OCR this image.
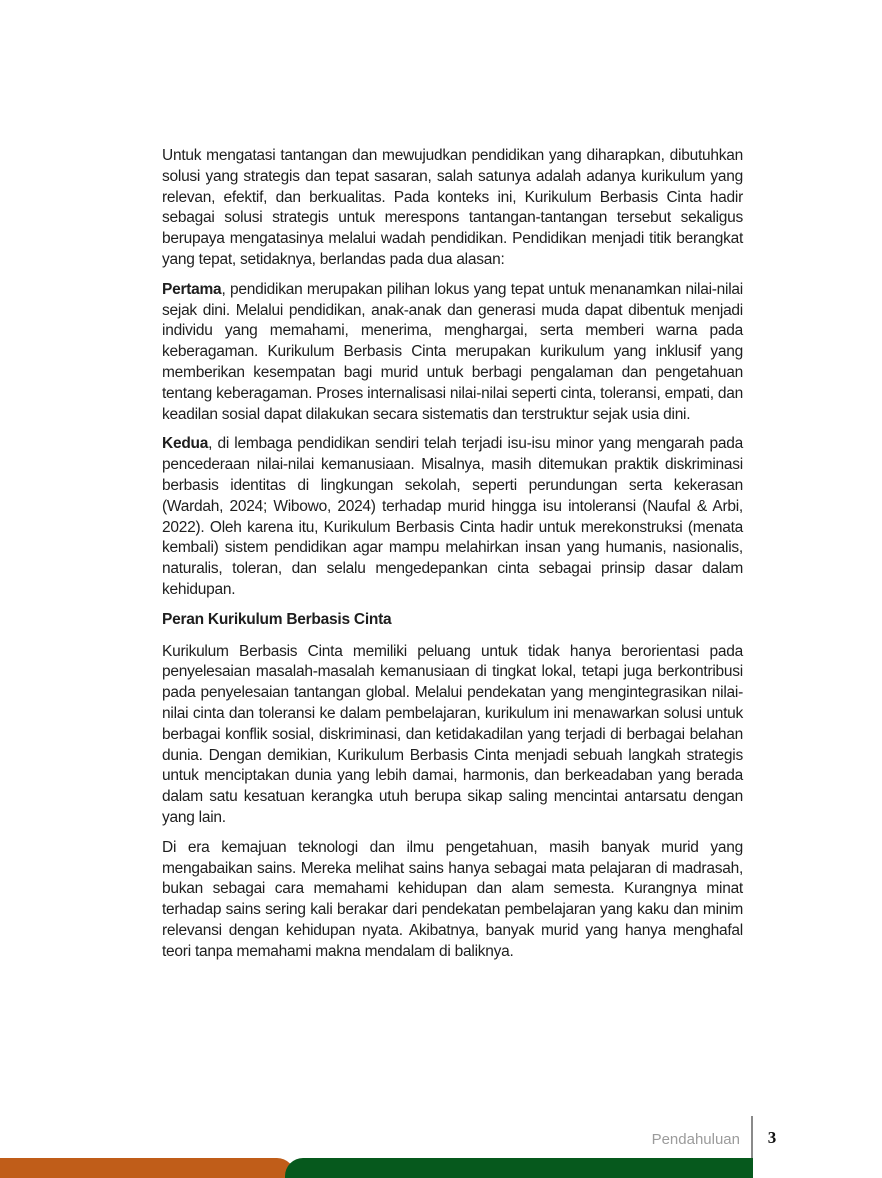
Untuk mengatasi tantangan dan mewujudkan pendidikan yang diharapkan, dibutuhkan solusi yang strategis dan tepat sasaran, salah satunya adalah adanya kurikulum yang relevan, efektif, dan berkualitas. Pada konteks ini, Kurikulum Berbasis Cinta hadir sebagai solusi strategis untuk merespons tantangan-tantangan tersebut sekaligus berupaya mengatasinya melalui wadah pendidikan. Pendidikan menjadi titik berangkat yang tepat, setidaknya, berlandas pada dua alasan:

Pertama, pendidikan merupakan pilihan lokus yang tepat untuk menanamkan nilai-nilai sejak dini. Melalui pendidikan, anak-anak dan generasi muda dapat dibentuk menjadi individu yang memahami, menerima, menghargai, serta memberi warna pada keberagaman. Kurikulum Berbasis Cinta merupakan kurikulum yang inklusif yang memberikan kesempatan bagi murid untuk berbagi pengalaman dan pengetahuan tentang keberagaman. Proses internalisasi nilai-nilai seperti cinta, toleransi, empati, dan keadilan sosial dapat dilakukan secara sistematis dan terstruktur sejak usia dini.

Kedua, di lembaga pendidikan sendiri telah terjadi isu-isu minor yang mengarah pada pencederaan nilai-nilai kemanusiaan. Misalnya, masih ditemukan praktik diskriminasi berbasis identitas di lingkungan sekolah, seperti perundungan serta kekerasan (Wardah, 2024; Wibowo, 2024) terhadap murid hingga isu intoleransi (Naufal & Arbi, 2022). Oleh karena itu, Kurikulum Berbasis Cinta hadir untuk merekonstruksi (menata kembali) sistem pendidikan agar mampu melahirkan insan yang humanis, nasionalis, naturalis, toleran, dan selalu mengedepankan cinta sebagai prinsip dasar dalam kehidupan.

Peran Kurikulum Berbasis Cinta

Kurikulum Berbasis Cinta memiliki peluang untuk tidak hanya berorientasi pada penyelesaian masalah-masalah kemanusiaan di tingkat lokal, tetapi juga berkontribusi pada penyelesaian tantangan global. Melalui pendekatan yang mengintegrasikan nilai-nilai cinta dan toleransi ke dalam pembelajaran, kurikulum ini menawarkan solusi untuk berbagai konflik sosial, diskriminasi, dan ketidakadilan yang terjadi di berbagai belahan dunia. Dengan demikian, Kurikulum Berbasis Cinta menjadi sebuah langkah strategis untuk menciptakan dunia yang lebih damai, harmonis, dan berkeadaban yang berada dalam satu kesatuan kerangka utuh berupa sikap saling mencintai antarsatu dengan yang lain.

Di era kemajuan teknologi dan ilmu pengetahuan, masih banyak murid yang mengabaikan sains. Mereka melihat sains hanya sebagai mata pelajaran di madrasah, bukan sebagai cara memahami kehidupan dan alam semesta. Kurangnya minat terhadap sains sering kali berakar dari pendekatan pembelajaran yang kaku dan minim relevansi dengan kehidupan nyata. Akibatnya, banyak murid yang hanya menghafal teori tanpa memahami makna mendalam di baliknya.

Pendahuluan	3
